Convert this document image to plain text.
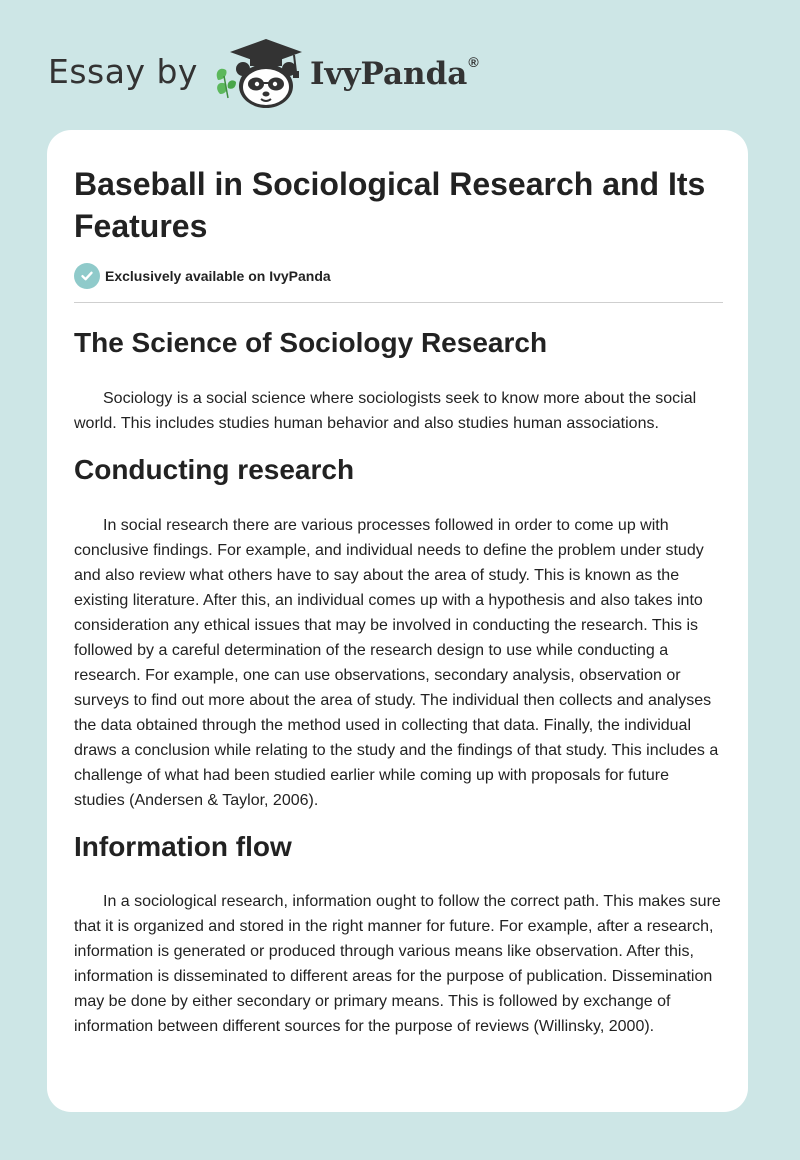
Essay by	IvyPanda®
Baseball in Sociological Research and Its Features
Exclusively available on IvyPanda
The Science of Sociology Research

Sociology is a social science where sociologists seek to know more about the social world. This includes studies human behavior and also studies human associations.

Conducting research

In social research there are various processes followed in order to come up with conclusive findings. For example, and individual needs to define the problem under study and also review what others have to say about the area of study. This is known as the existing literature. After this, an individual comes up with a hypothesis and also takes into consideration any ethical issues that may be involved in conducting the research. This is followed by a careful determination of the research design to use while conducting a research. For example, one can use observations, secondary analysis, observation or surveys to find out more about the area of study. The individual then collects and analyses the data obtained through the method used in collecting that data. Finally, the individual draws a conclusion while relating to the study and the findings of that study. This includes a challenge of what had been studied earlier while coming up with proposals for future studies (Andersen & Taylor, 2006).

Information flow

In a sociological research, information ought to follow the correct path. This makes sure that it is organized and stored in the right manner for future. For example, after a research, information is generated or produced through various means like observation. After this, information is disseminated to different areas for the purpose of publication. Dissemination may be done by either secondary or primary means. This is followed by exchange of information between different sources for the purpose of reviews (Willinsky, 2000).
